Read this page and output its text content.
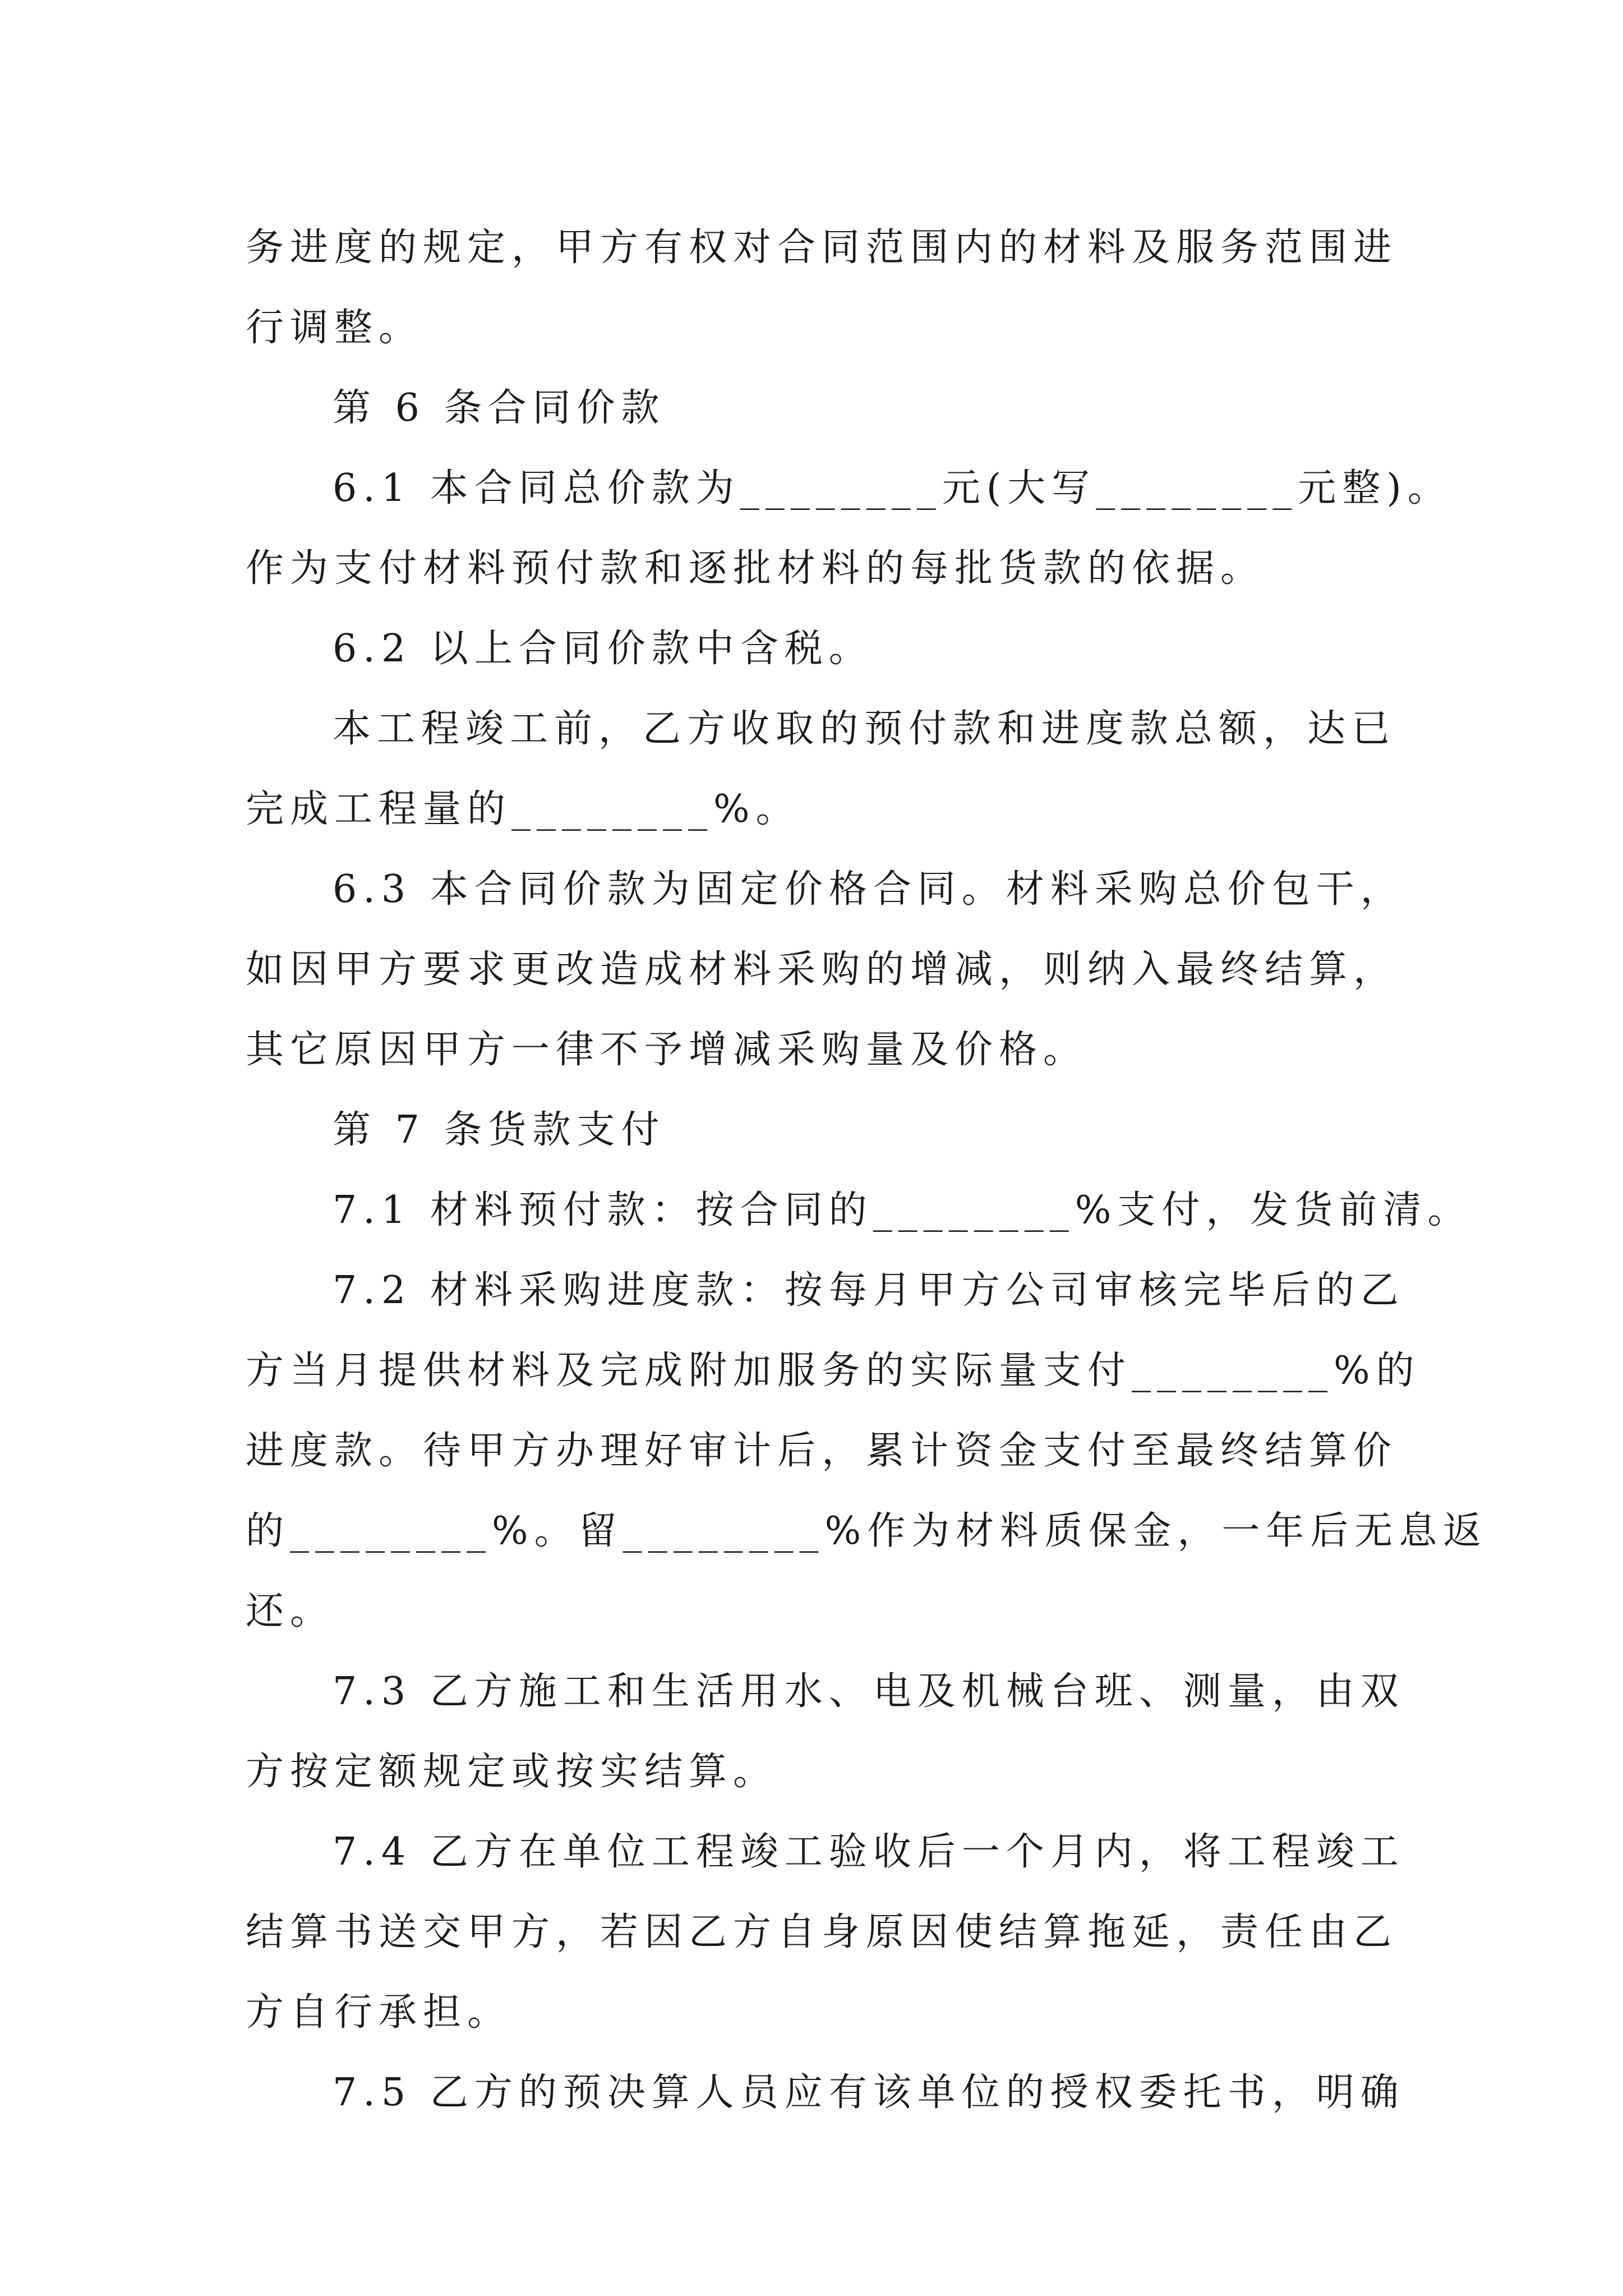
务进度的规定，甲方有权对合同范围内的材料及服务范围进
行调整。
第 6 条合同价款
6.1 本合同总价款为________元(大写________元整)。
作为支付材料预付款和逐批材料的每批货款的依据。
6.2 以上合同价款中含税。
本工程竣工前，乙方收取的预付款和进度款总额，达已
完成工程量的________%。
6.3 本合同价款为固定价格合同。材料采购总价包干，
如因甲方要求更改造成材料采购的增减，则纳入最终结算，
其它原因甲方一律不予增减采购量及价格。
第 7 条货款支付
7.1 材料预付款：按合同的________%支付，发货前清。
7.2 材料采购进度款：按每月甲方公司审核完毕后的乙
方当月提供材料及完成附加服务的实际量支付________%的
进度款。待甲方办理好审计后，累计资金支付至最终结算价
的________%。留________%作为材料质保金，一年后无息返
还。
7.3 乙方施工和生活用水、电及机械台班、测量，由双
方按定额规定或按实结算。
7.4 乙方在单位工程竣工验收后一个月内，将工程竣工
结算书送交甲方，若因乙方自身原因使结算拖延，责任由乙
方自行承担。
7.5 乙方的预决算人员应有该单位的授权委托书，明确
